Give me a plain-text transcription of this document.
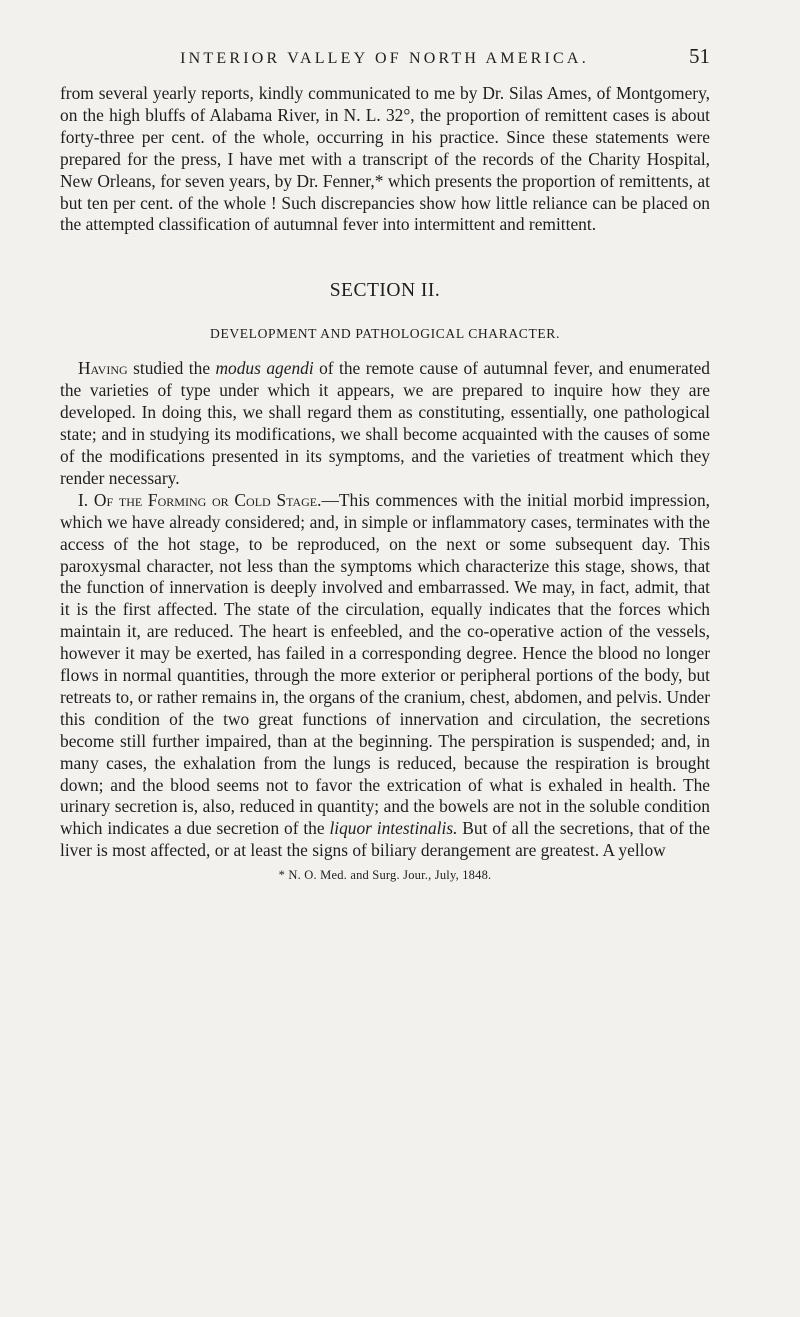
INTERIOR VALLEY OF NORTH AMERICA.	51

from several yearly reports, kindly communicated to me by Dr. Silas Ames, of Montgomery, on the high bluffs of Alabama River, in N. L. 32°, the proportion of remittent cases is about forty-three per cent. of the whole, occurring in his practice. Since these statements were prepared for the press, I have met with a transcript of the records of the Charity Hospital, New Orleans, for seven years, by Dr. Fenner,* which presents the proportion of remittents, at but ten per cent. of the whole ! Such discrepancies show how little reliance can be placed on the attempted classification of autumnal fever into intermittent and remittent.

SECTION II.
DEVELOPMENT AND PATHOLOGICAL CHARACTER.

Having studied the modus agendi of the remote cause of autumnal fever, and enumerated the varieties of type under which it appears, we are prepared to inquire how they are developed. In doing this, we shall regard them as constituting, essentially, one pathological state; and in studying its modifications, we shall become acquainted with the causes of some of the modifications presented in its symptoms, and the varieties of treatment which they render necessary.

I. Of the Forming or Cold Stage.—This commences with the initial morbid impression, which we have already considered; and, in simple or inflammatory cases, terminates with the access of the hot stage, to be reproduced, on the next or some subsequent day. This paroxysmal character, not less than the symptoms which characterize this stage, shows, that the function of innervation is deeply involved and embarrassed. We may, in fact, admit, that it is the first affected. The state of the circulation, equally indicates that the forces which maintain it, are reduced. The heart is enfeebled, and the co-operative action of the vessels, however it may be exerted, has failed in a corresponding degree. Hence the blood no longer flows in normal quantities, through the more exterior or peripheral portions of the body, but retreats to, or rather remains in, the organs of the cranium, chest, abdomen, and pelvis. Under this condition of the two great functions of innervation and circulation, the secretions become still further impaired, than at the beginning. The perspiration is suspended; and, in many cases, the exhalation from the lungs is reduced, because the respiration is brought down; and the blood seems not to favor the extrication of what is exhaled in health. The urinary secretion is, also, reduced in quantity; and the bowels are not in the soluble condition which indicates a due secretion of the liquor intestinalis. But of all the secretions, that of the liver is most affected, or at least the signs of biliary derangement are greatest. A yellow

* N. O. Med. and Surg. Jour., July, 1848.
